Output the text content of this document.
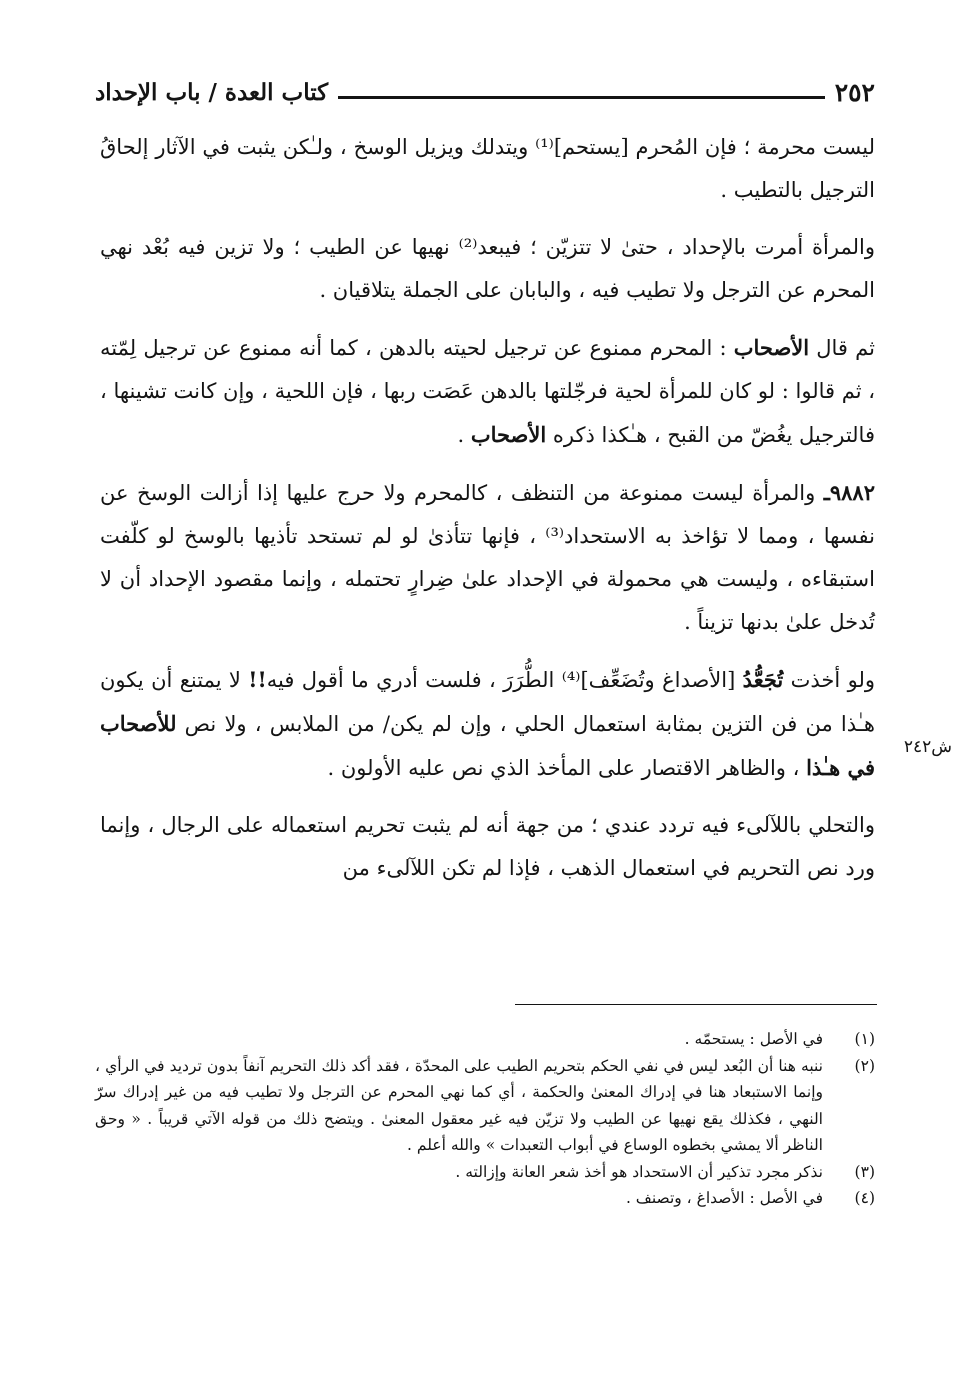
٢٥٢
كتاب العدة / باب الإحداد
ش٢٤٢

ليست محرمة ؛ فإن المُحرم [يستحم]⁽¹⁾ ويتدلك ويزيل الوسخ ، ولـٰكن يثبت في الآثار إلحاقُ الترجيل بالتطيب .

والمرأة أمرت بالإحداد ، حتىٰ لا تتزيّن ؛ فيبعد⁽²⁾ نهيها عن الطيب ؛ ولا تزين فيه بُعْد نهي المحرم عن الترجل ولا تطيب فيه ، والبابان على الجملة يتلاقيان .

ثم قال الأصحاب : المحرم ممنوع عن ترجيل لحيته بالدهن ، كما أنه ممنوع عن ترجيل لِمّته ، ثم قالوا : لو كان للمرأة لحية فرجّلتها بالدهن عَصَت ربها ، فإن اللحية ، وإن كانت تشينها ، فالترجيل يغُضّ من القبح ، هـٰكذا ذكره الأصحاب .

٩٨٨٢ـ والمرأة ليست ممنوعة من التنظف ، كالمحرم ولا حرج عليها إذا أزالت الوسخ عن نفسها ، ومما لا تؤاخذ به الاستحداد⁽³⁾ ، فإنها تتأذىٰ لو لم تستحد تأذيها بالوسخ لو كلّفت استبقاءه ، وليست هي محمولة في الإحداد علىٰ ضِرارٍ تحتمله ، وإنما مقصود الإحداد أن لا تُدخل علىٰ بدنها تزيناً .

ولو أخذت تُجَعُّدُ [الأصداغ وتُضَعِّف]⁽⁴⁾ الطُّرَرَ ، فلست أدري ما أقول فيه!! لا يمتنع أن يكون هـٰذا من فن التزين بمثابة استعمال الحلي ، وإن لم يكن/ من الملابس ، ولا نص للأصحاب في هـٰذا ، والظاهر الاقتصار على المأخذ الذي نص عليه الأولون .

والتحلي باللآلىء فيه تردد عندي ؛ من جهة أنه لم يثبت تحريم استعماله على الرجال ، وإنما ورد نص التحريم في استعمال الذهب ، فإذا لم تكن اللآلىء من

(١)
في الأصل : يستحمّه .
(٢)
ننبه هنا أن البُعد ليس في نفي الحكم بتحريم الطيب على المحدّة ، فقد أكد ذلك التحريم آنفاً بدون ترديد في الرأي ، وإنما الاستبعاد هنا في إدراك المعنىٰ والحكمة ، أي كما نهي المحرم عن الترجل ولا تطيب فيه من غير إدراك سرّ النهي ، فكذلك يقع نهيها عن الطيب ولا تزيّن فيه غير معقول المعنىٰ . ويتضح ذلك من قوله الآتي قريباً . « وحق الناظر ألا يمشي بخطوه الوساع في أبواب التعبدات » والله أعلم .
(٣)
نذكر مجرد تذكير أن الاستحداد هو أخذ شعر العانة وإزالته .
(٤)
في الأصل : الأصداغ ، وتصنف .
